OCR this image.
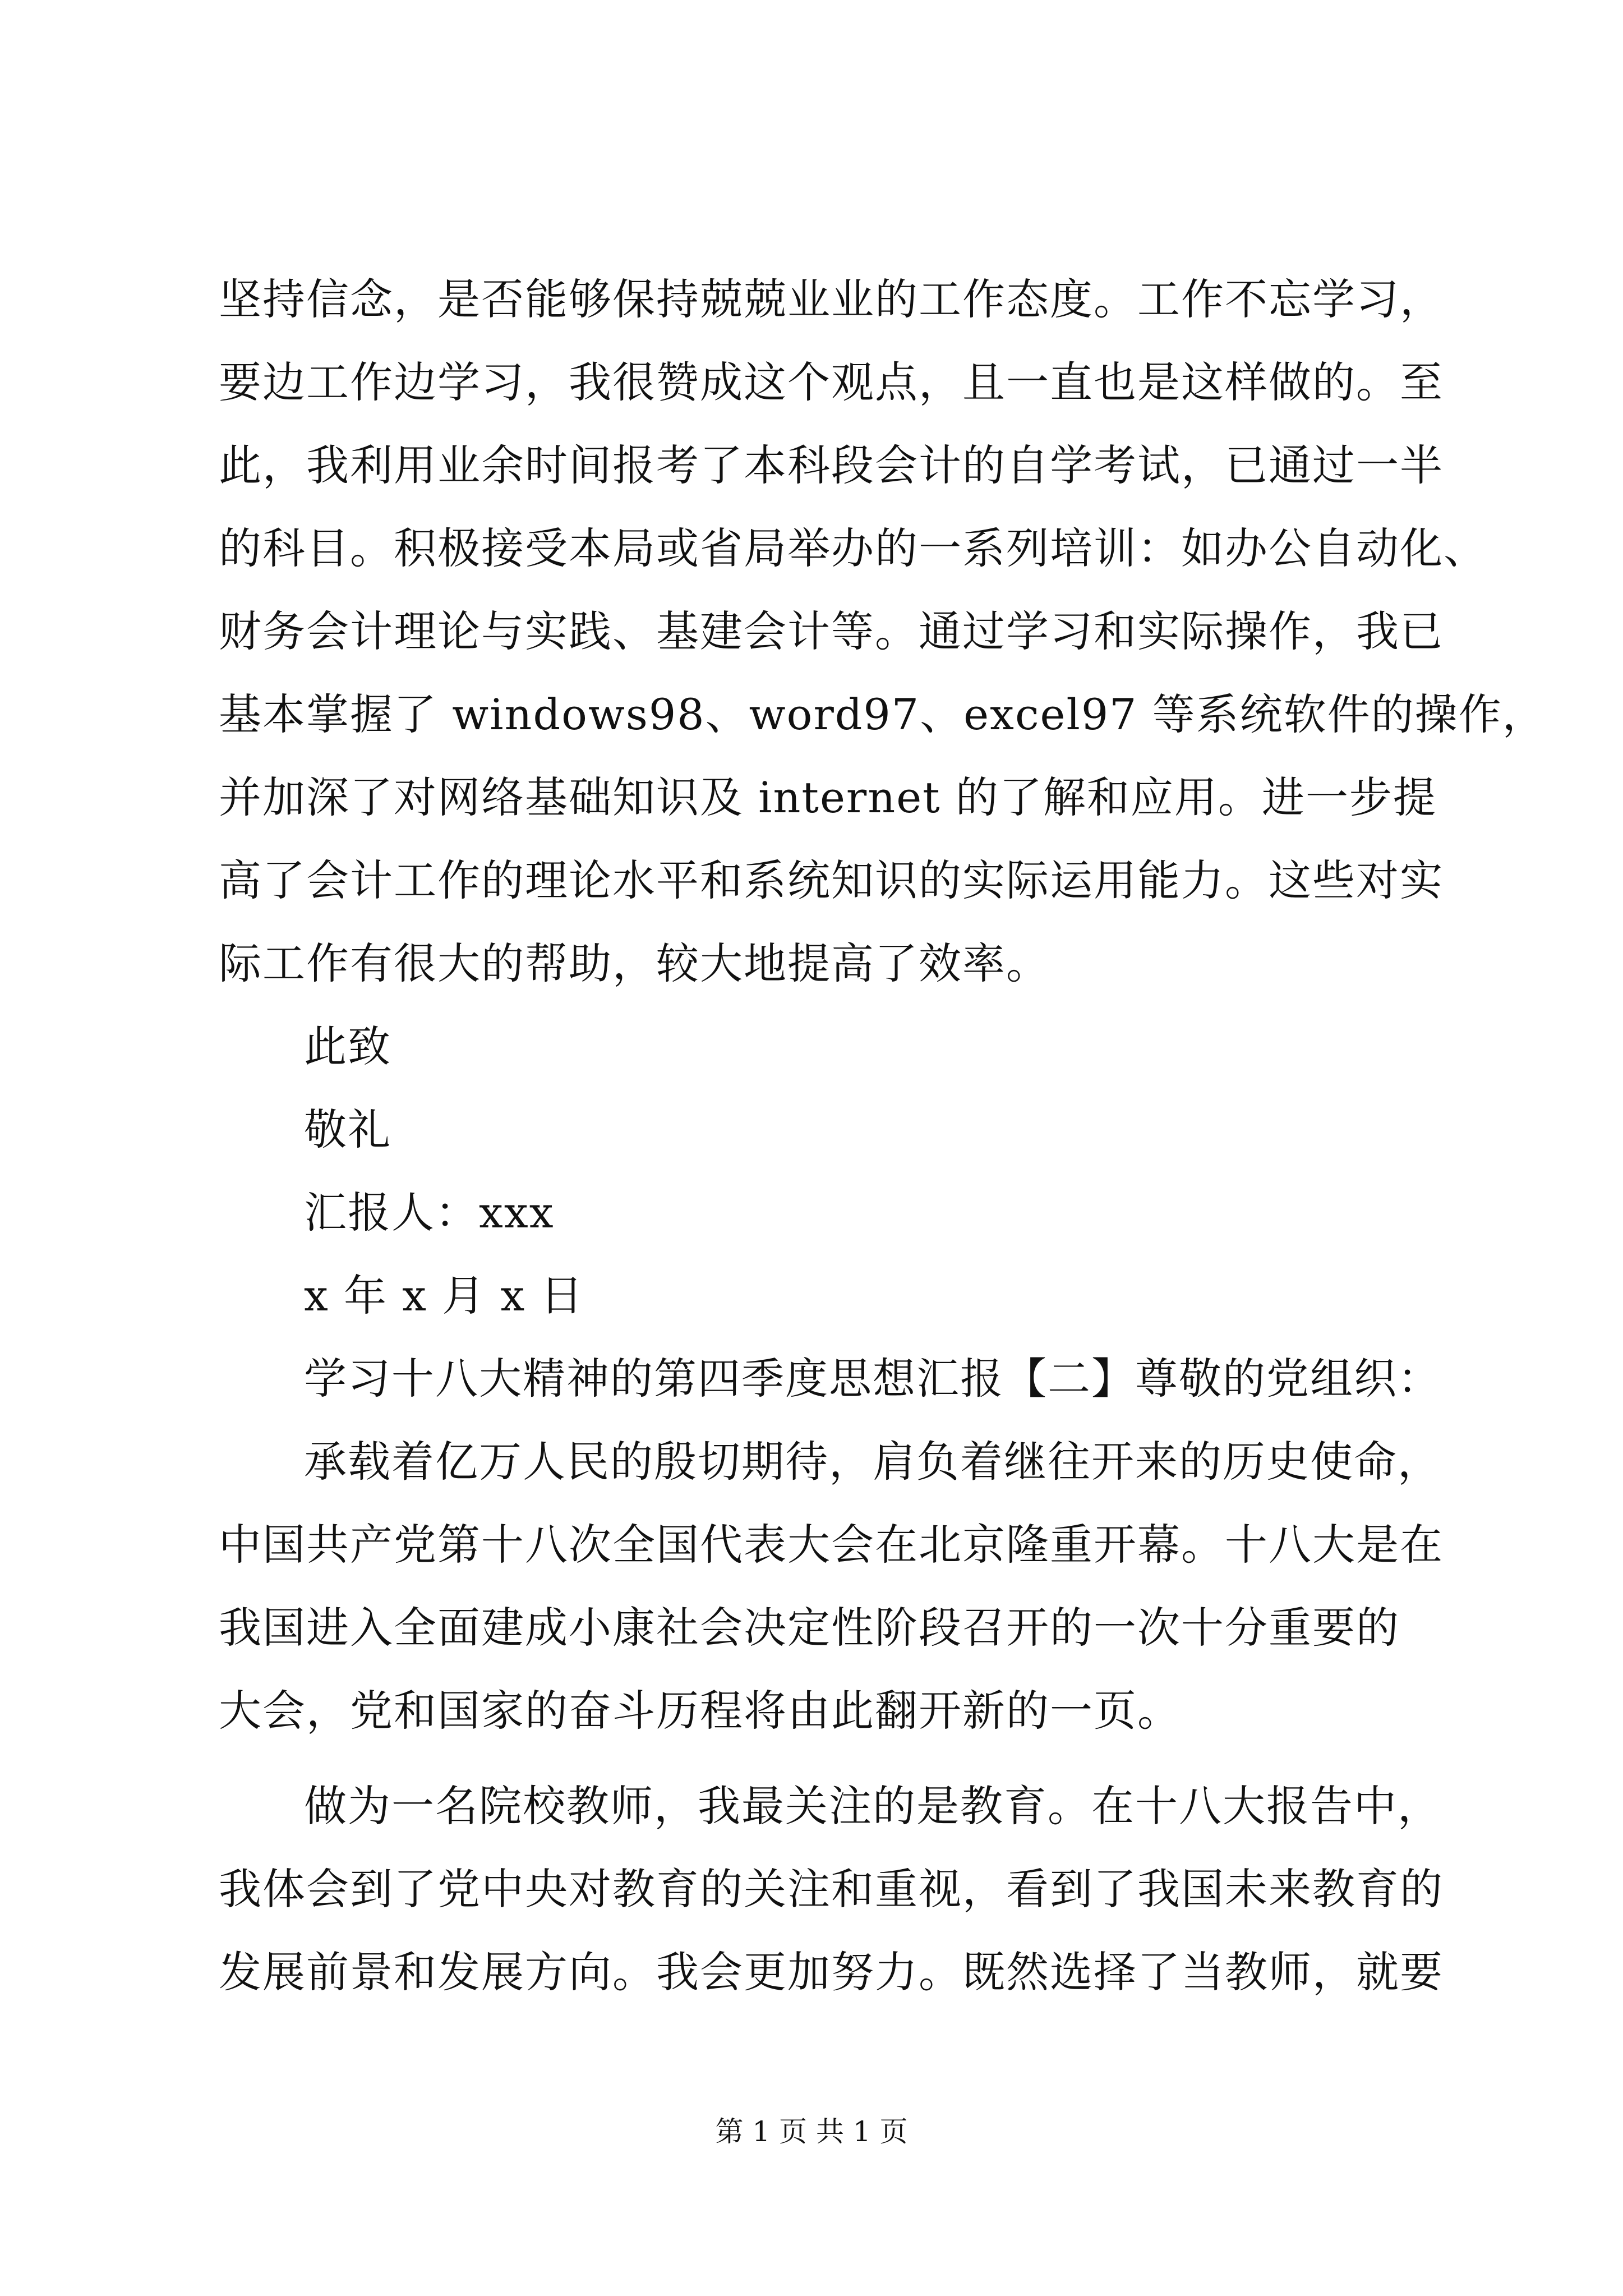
坚持信念，是否能够保持兢兢业业的工作态度。工作不忘学习，
要边工作边学习，我很赞成这个观点，且一直也是这样做的。至
此，我利用业余时间报考了本科段会计的自学考试，已通过一半
的科目。积极接受本局或省局举办的一系列培训：如办公自动化、
财务会计理论与实践、基建会计等。通过学习和实际操作，我已
基本掌握了 windows98、word97、excel97 等系统软件的操作，
并加深了对网络基础知识及 internet 的了解和应用。进一步提
高了会计工作的理论水平和系统知识的实际运用能力。这些对实
际工作有很大的帮助，较大地提高了效率。
此致
敬礼
汇报人：xxx
x 年 x 月 x 日
学习十八大精神的第四季度思想汇报【二】尊敬的党组织：
承载着亿万人民的殷切期待，肩负着继往开来的历史使命，
中国共产党第十八次全国代表大会在北京隆重开幕。十八大是在
我国进入全面建成小康社会决定性阶段召开的一次十分重要的
大会，党和国家的奋斗历程将由此翻开新的一页。
做为一名院校教师，我最关注的是教育。在十八大报告中，
我体会到了党中央对教育的关注和重视，看到了我国未来教育的
发展前景和发展方向。我会更加努力。既然选择了当教师，就要
第 1 页 共 1 页
